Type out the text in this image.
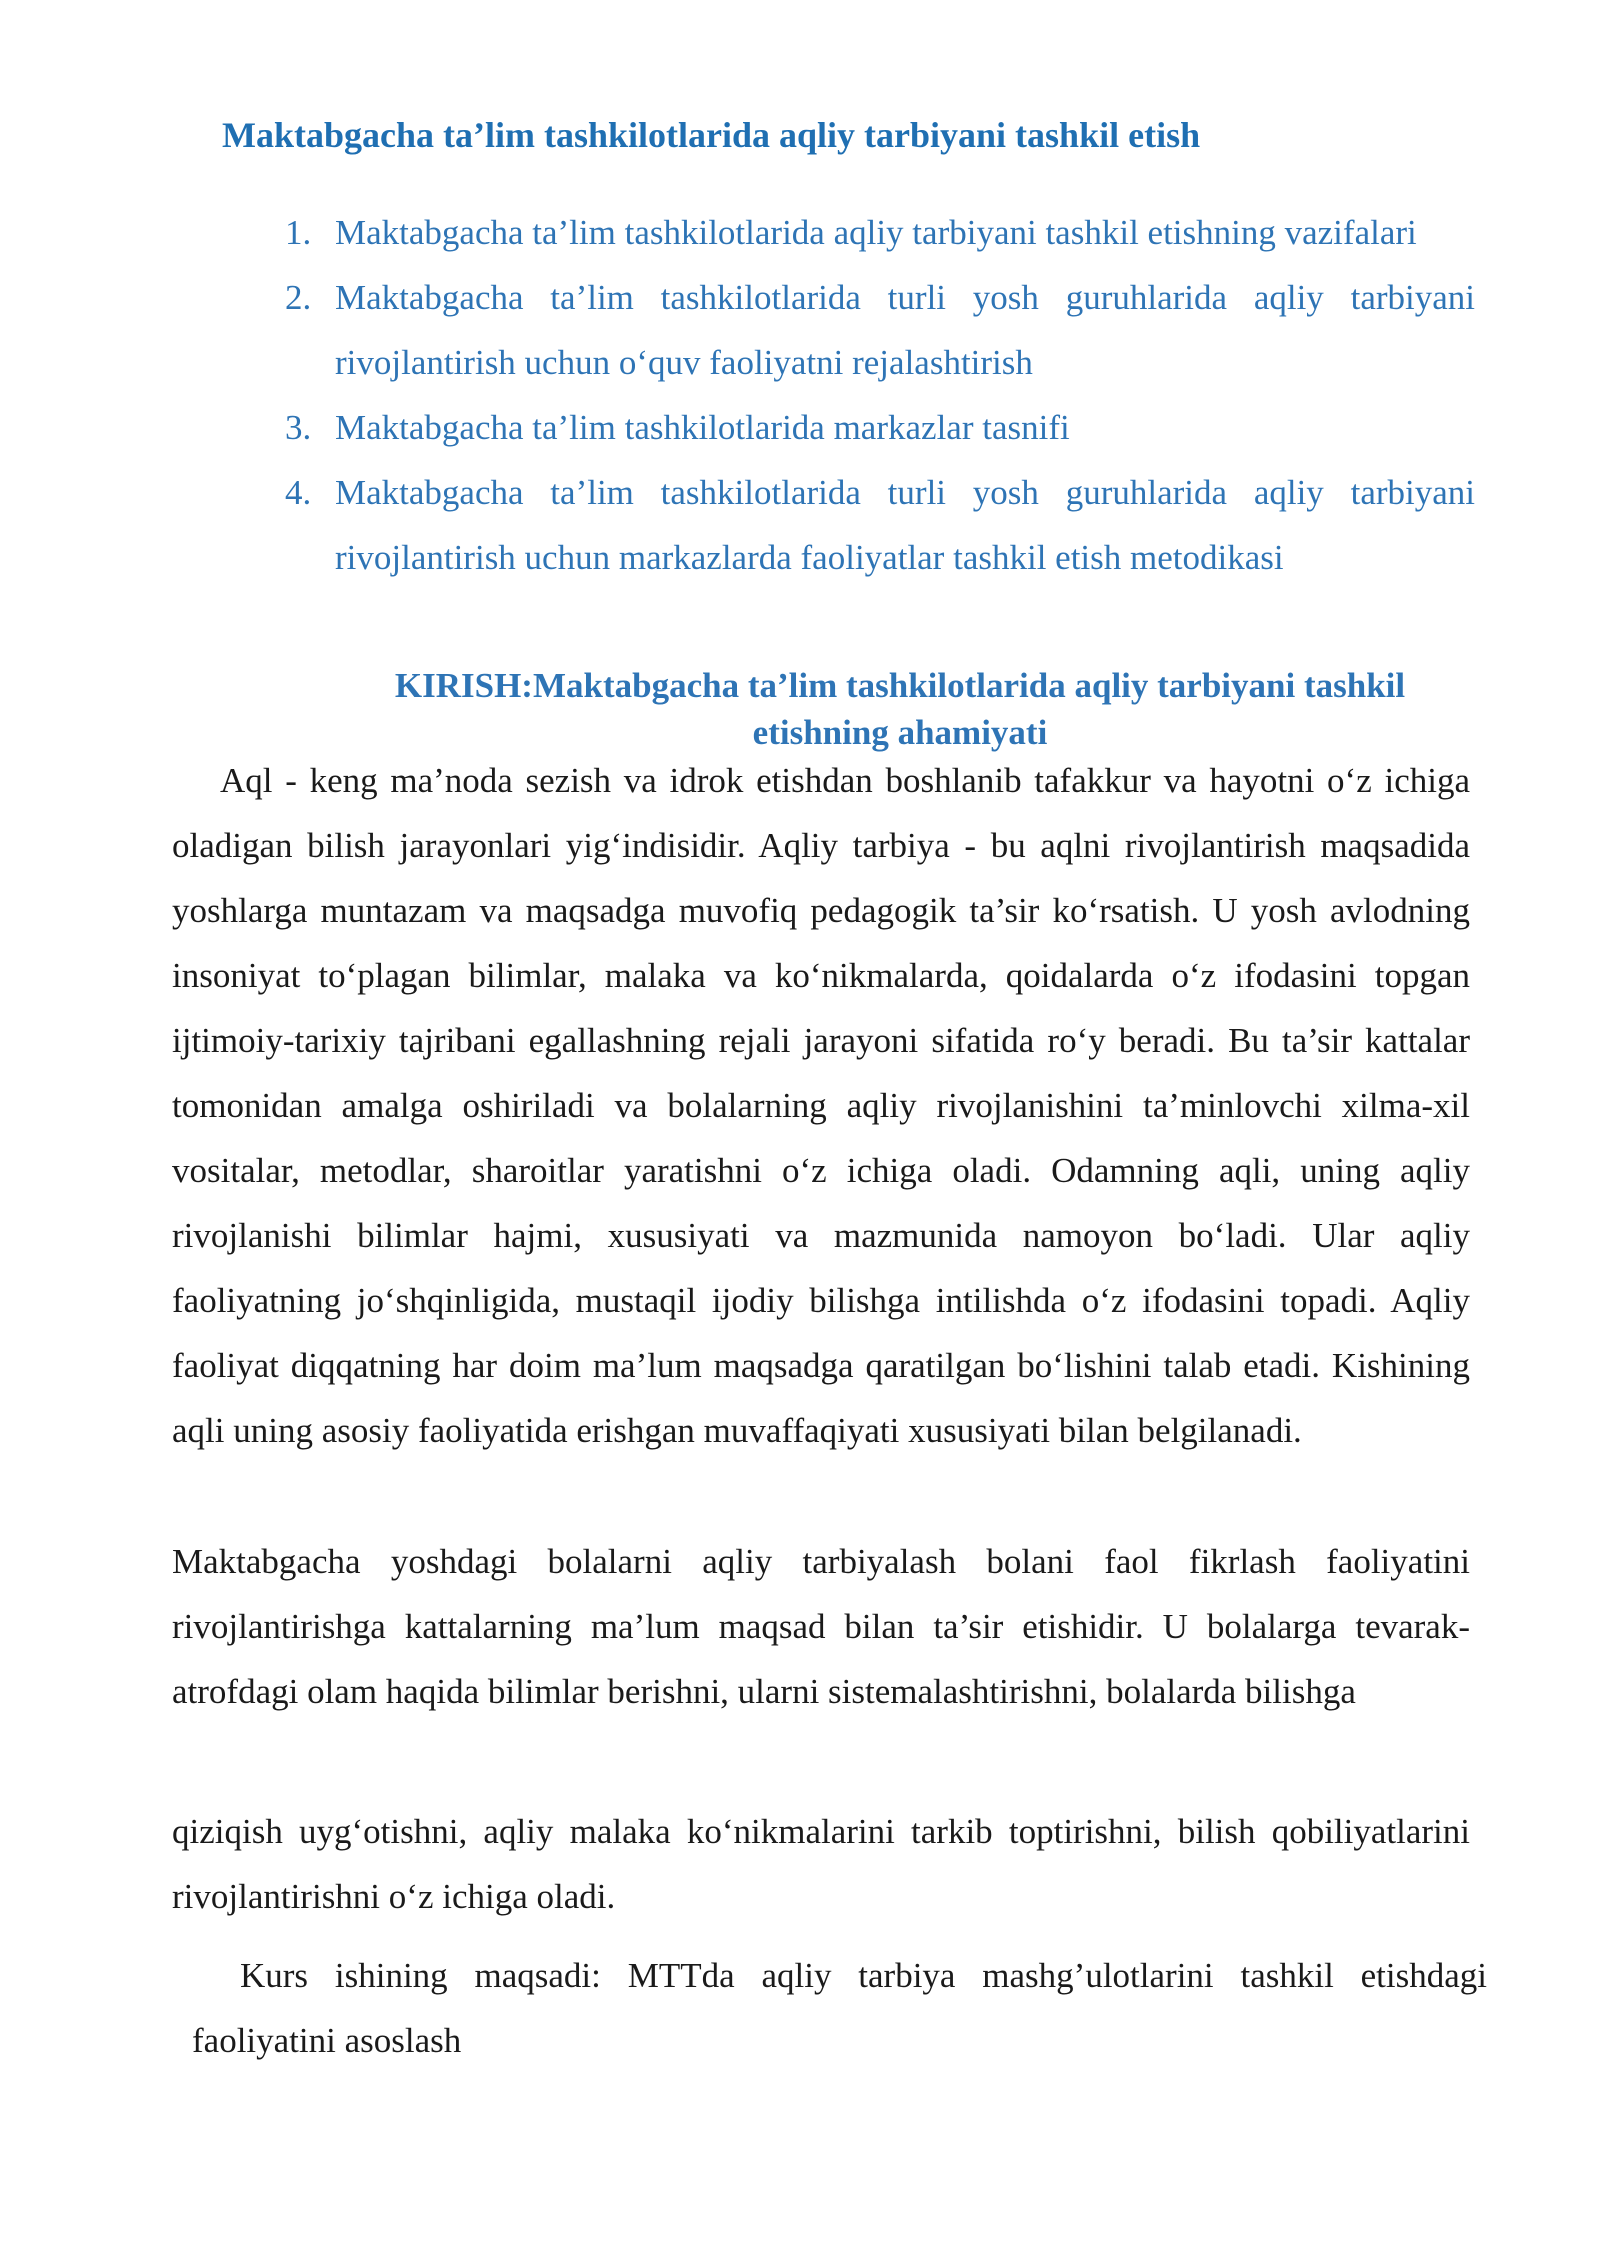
Maktabgacha ta’lim tashkilotlarida aqliy tarbiyani tashkil etish
1. Maktabgacha ta’lim tashkilotlarida aqliy tarbiyani tashkil etishning vazifalari
2. Maktabgacha ta’lim tashkilotlarida turli yosh guruhlarida aqliy tarbiyani rivojlantirish uchun o‘quv faoliyatni rejalashtirish
3. Maktabgacha ta’lim tashkilotlarida markazlar tasnifi
4. Maktabgacha ta’lim tashkilotlarida turli yosh guruhlarida aqliy tarbiyani rivojlantirish uchun markazlarda faoliyatlar tashkil etish metodikasi
KIRISH:Maktabgacha ta’lim tashkilotlarida aqliy tarbiyani tashkil etishning ahamiyati
Aql - keng ma’noda sezish va idrok etishdan boshlanib tafakkur va hayotni o‘z ichiga oladigan bilish jarayonlari yig‘indisidir. Aqliy tarbiya - bu aqlni rivojlantirish maqsadida yoshlarga muntazam va maqsadga muvofiq pedagogik ta’sir ko‘rsatish. U yosh avlodning insoniyat to‘plagan bilimlar, malaka va ko‘nikmalarda, qoidalarda o‘z ifodasini topgan ijtimoiy-tarixiy tajribani egallashning rejali jarayoni sifatida ro‘y beradi. Bu ta’sir kattalar tomonidan amalga oshiriladi va bolalarning aqliy rivojlanishini ta’minlovchi xilma-xil vositalar, metodlar, sharoitlar yaratishni o‘z ichiga oladi. Odamning aqli, uning aqliy rivojlanishi bilimlar hajmi, xususiyati va mazmunida namoyon bo‘ladi. Ular aqliy faoliyatning jo‘shqinligida, mustaqil ijodiy bilishga intilishda o‘z ifodasini topadi. Aqliy faoliyat diqqatning har doim ma’lum maqsadga qaratilgan bo‘lishini talab etadi. Kishining aqli uning asosiy faoliyatida erishgan muvaffaqiyati xususiyati bilan belgilanadi.
Maktabgacha yoshdagi bolalarni aqliy tarbiyalash bolani faol fikrlash faoliyatini rivojlantirishga kattalarning ma’lum maqsad bilan ta’sir etishidir. U bolalarga tevarak- atrofdagi olam haqida bilimlar berishni, ularni sistemalashtirishni, bolalarda bilishga
qiziqish uyg‘otishni, aqliy malaka ko‘nikmalarini tarkib toptirishni, bilish qobiliyatlarini rivojlantirishni o‘z ichiga oladi.
Kurs ishining maqsadi: MTTda aqliy tarbiya mashg’ulotlarini tashkil etishdagi
faoliyatini asoslash
